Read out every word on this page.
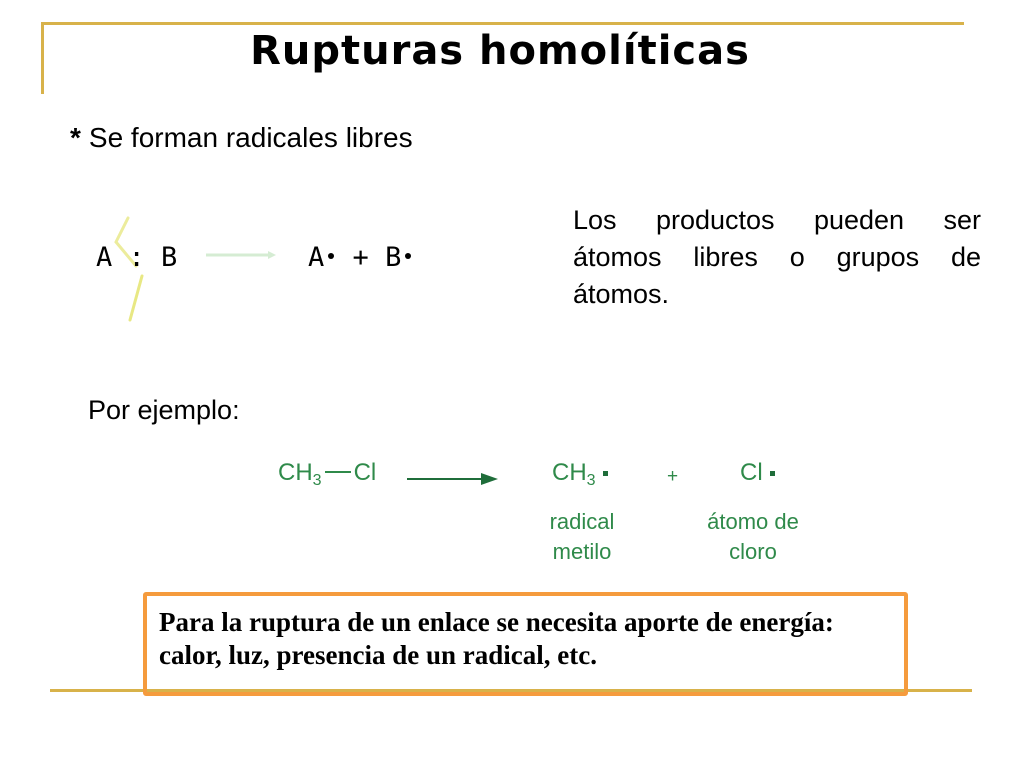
Rupturas homolíticas
* Se forman radicales libres
A : B	A + B
Los productos pueden ser átomos libres o grupos de átomos.
Por ejemplo:
$CH_3$ Cl	$CH_3$	+	Cl
radical
metilo
átomo de
cloro
Para la ruptura de un enlace se necesita aporte de energía: calor, luz, presencia de un radical, etc.
